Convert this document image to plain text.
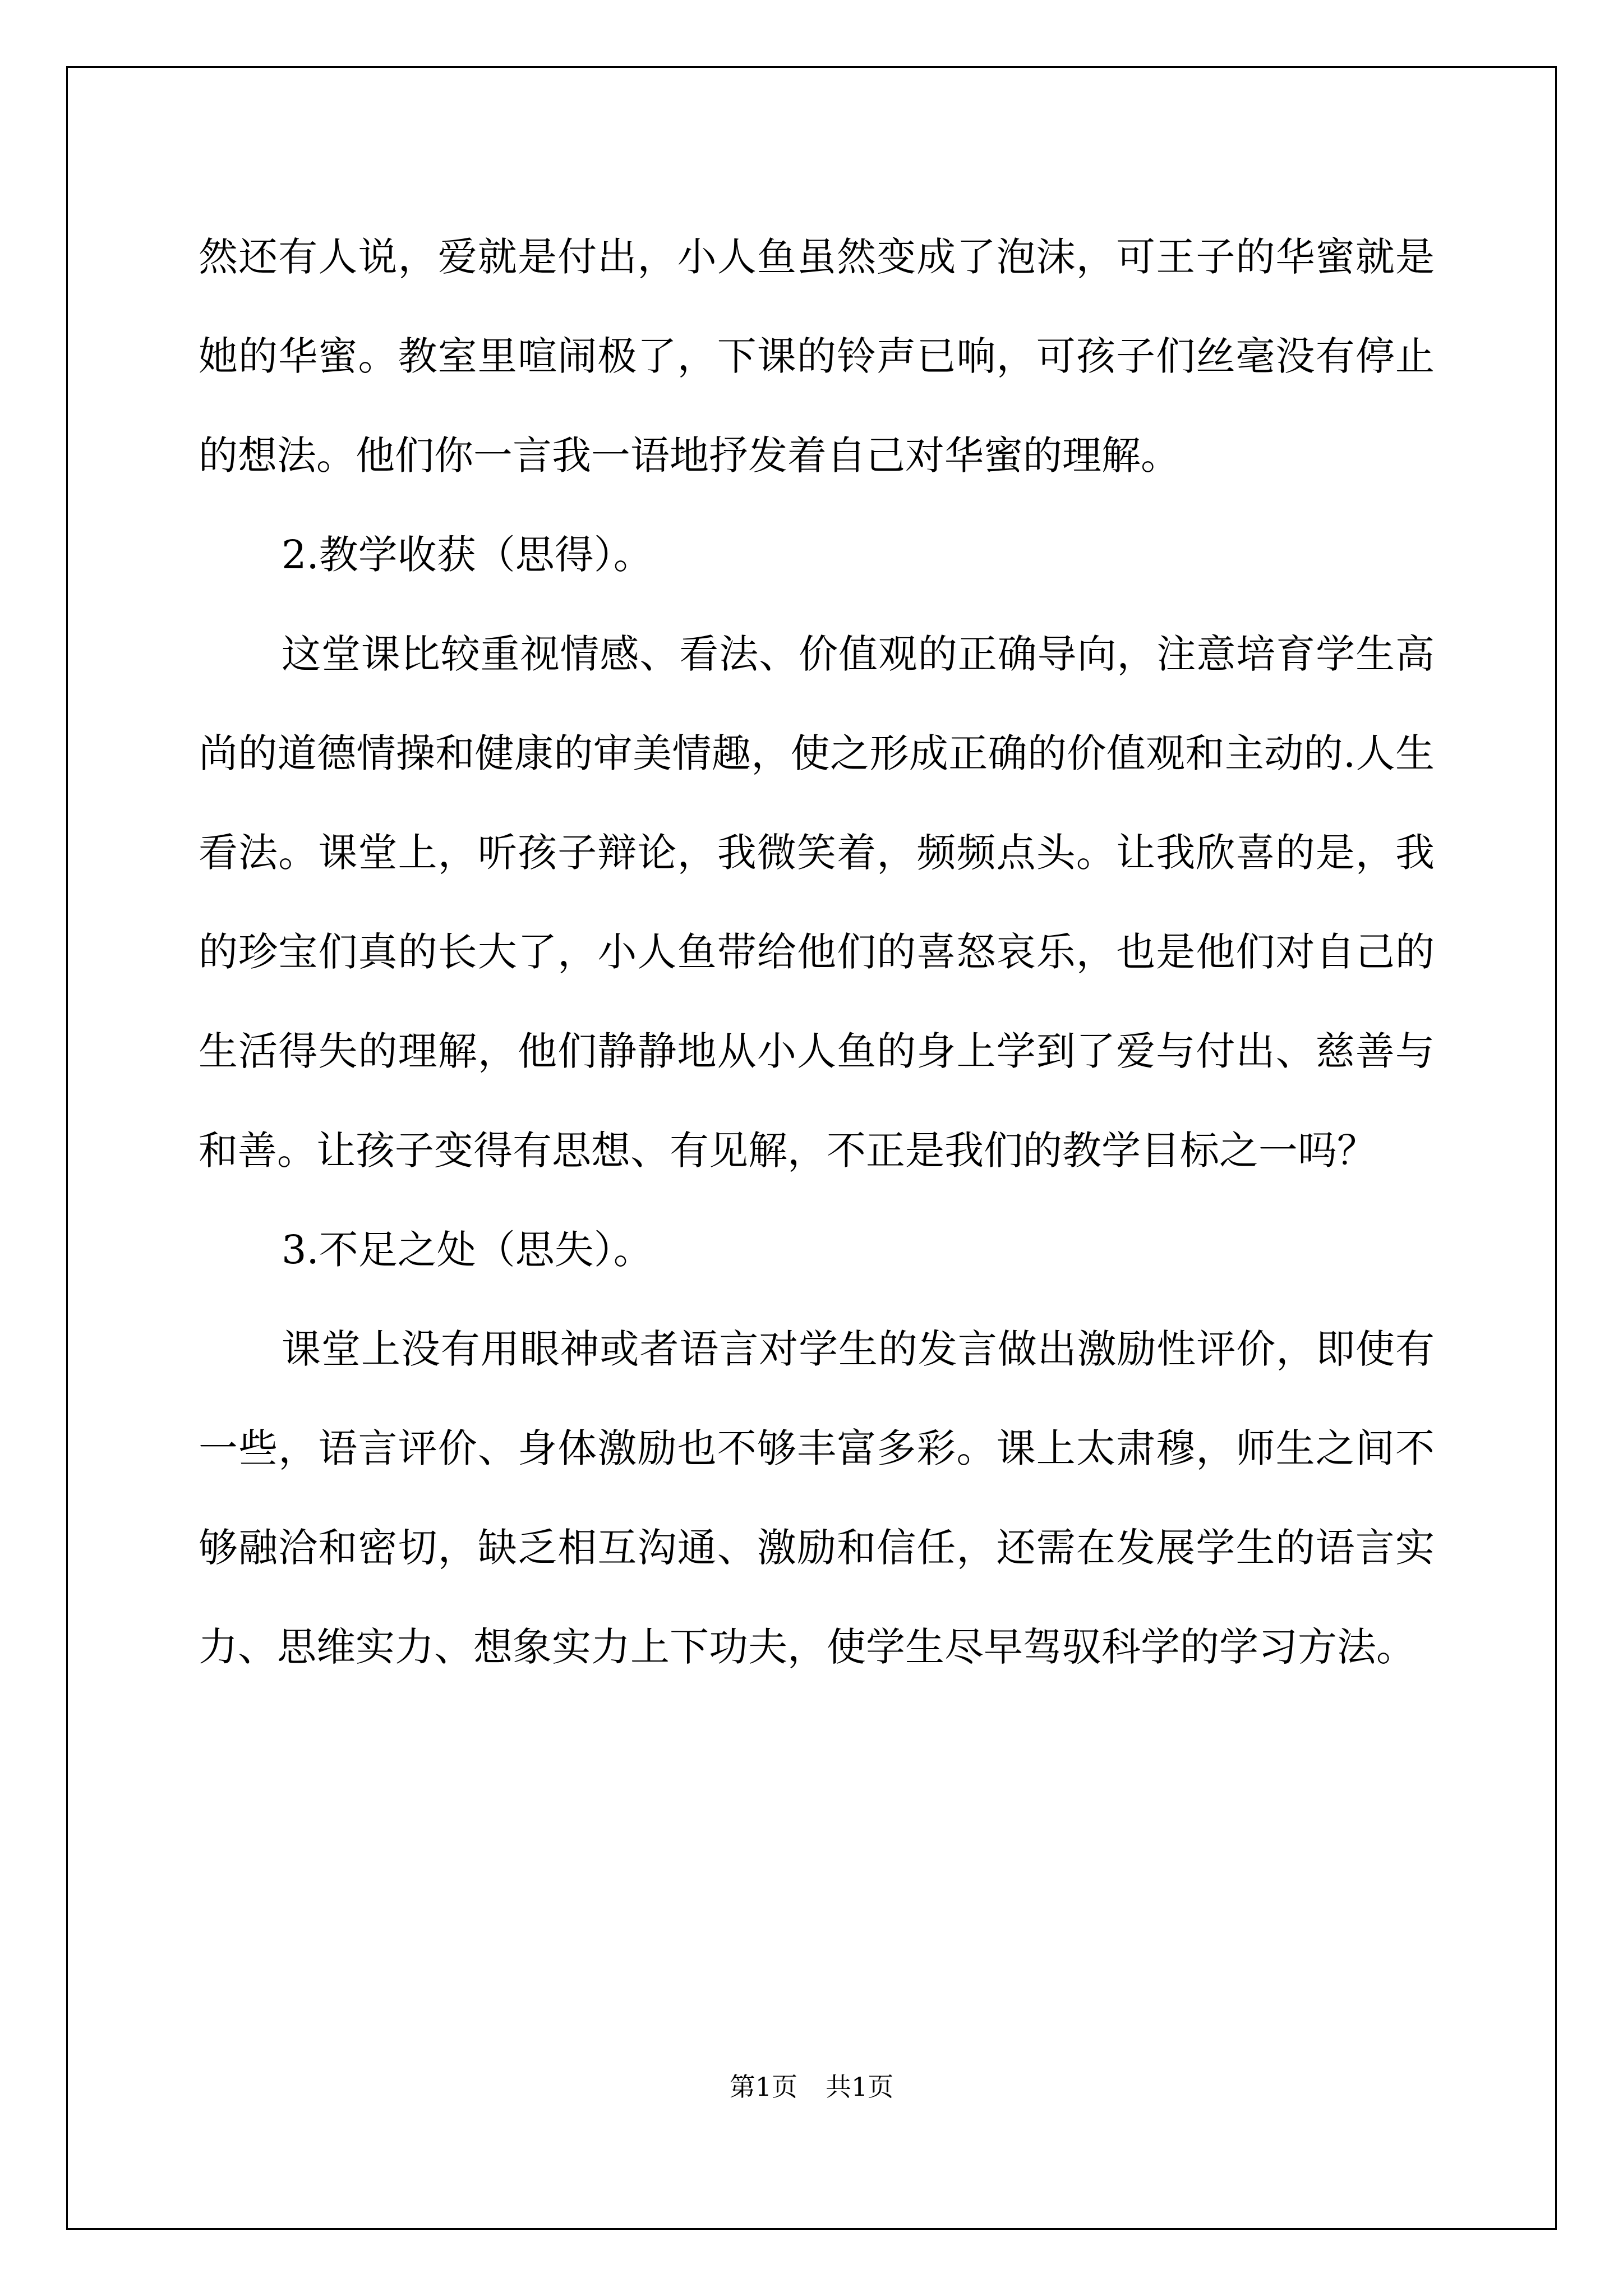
然还有人说，爱就是付出，小人鱼虽然变成了泡沫，可王子的华蜜就是她的华蜜。教室里喧闹极了，下课的铃声已响，可孩子们丝毫没有停止的想法。他们你一言我一语地抒发着自己对华蜜的理解。

2.教学收获（思得）。

这堂课比较重视情感、看法、价值观的正确导向，注意培育学生高尚的道德情操和健康的审美情趣，使之形成正确的价值观和主动的.人生看法。课堂上，听孩子辩论，我微笑着，频频点头。让我欣喜的是，我的珍宝们真的长大了，小人鱼带给他们的喜怒哀乐，也是他们对自己的生活得失的理解，他们静静地从小人鱼的身上学到了爱与付出、慈善与和善。让孩子变得有思想、有见解，不正是我们的教学目标之一吗？

3.不足之处（思失）。

课堂上没有用眼神或者语言对学生的发言做出激励性评价，即使有一些，语言评价、身体激励也不够丰富多彩。课上太肃穆，师生之间不够融洽和密切，缺乏相互沟通、激励和信任，还需在发展学生的语言实力、思维实力、想象实力上下功夫，使学生尽早驾驭科学的学习方法。

第1页 共1页
